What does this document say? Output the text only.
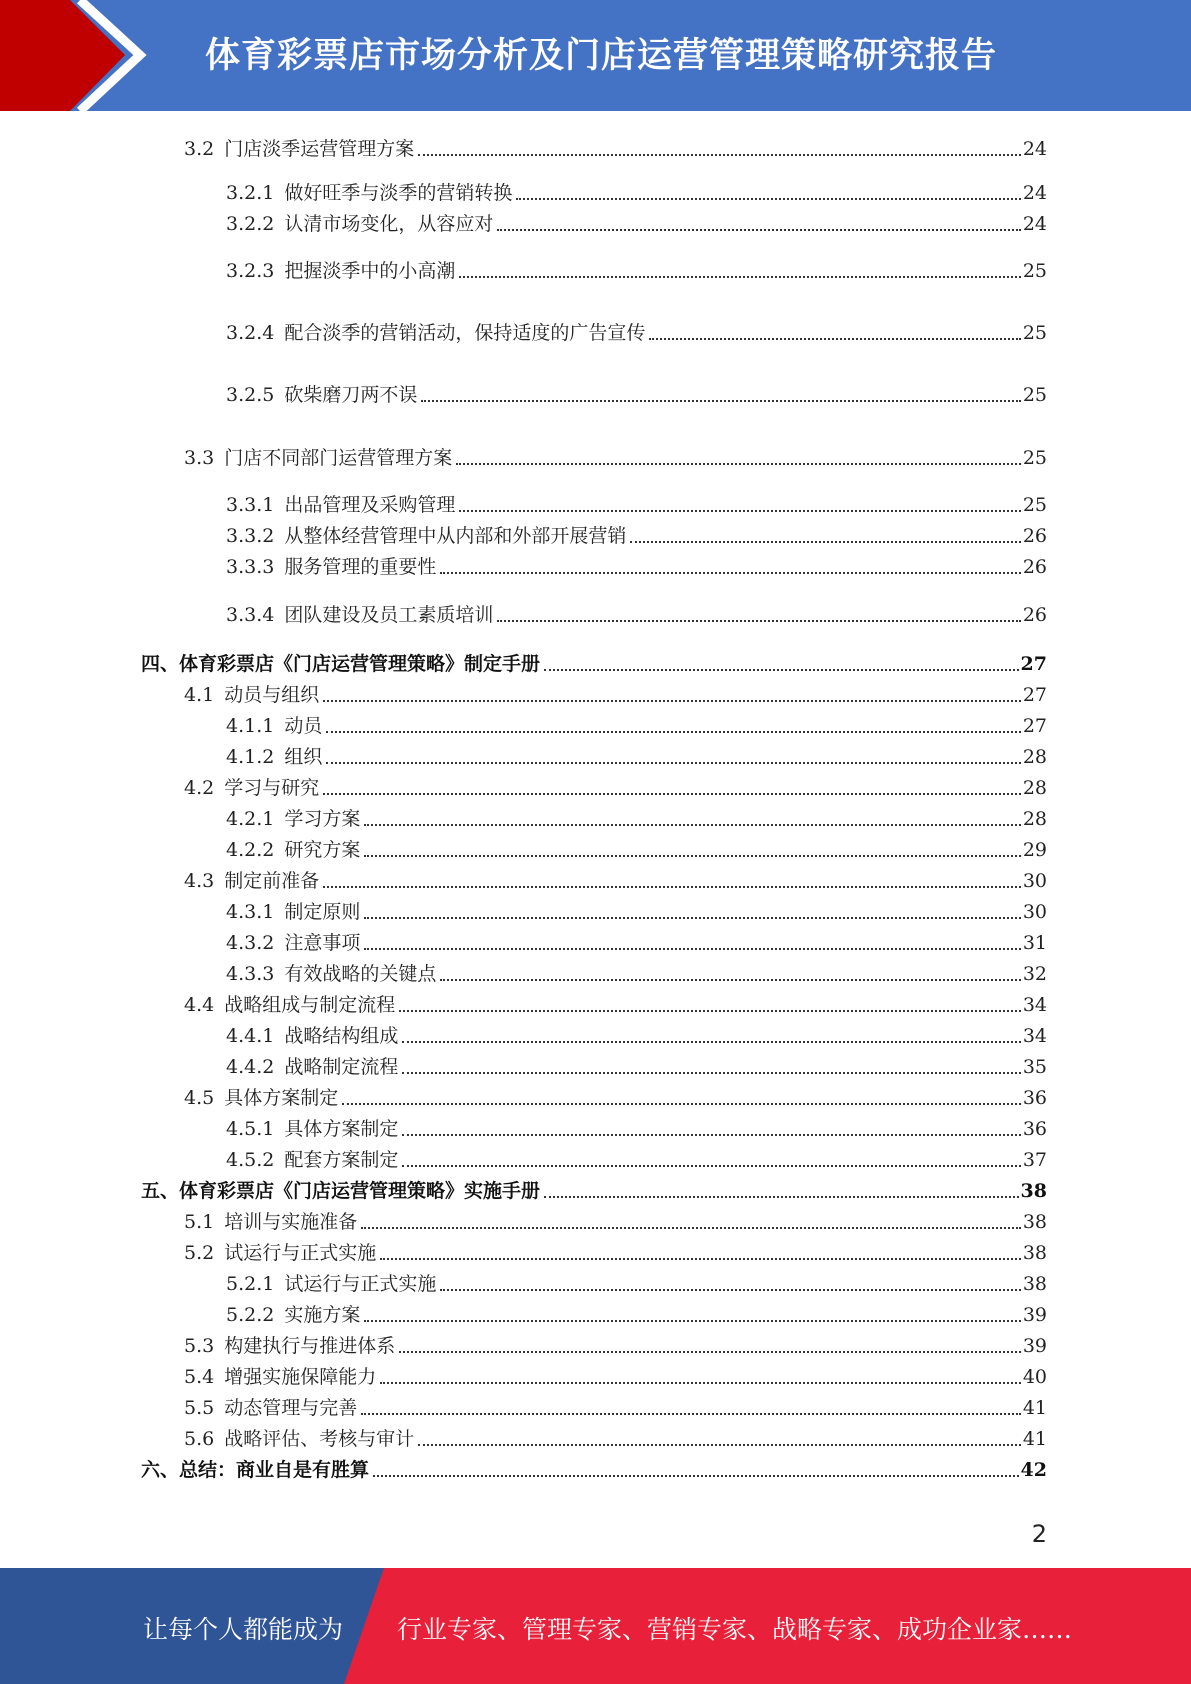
体育彩票店市场分析及门店运营管理策略研究报告
3.2 门店淡季运营管理方案	24
3.2.1 做好旺季与淡季的营销转换	24
3.2.2 认清市场变化，从容应对	24
3.2.3 把握淡季中的小高潮	25
3.2.4 配合淡季的营销活动，保持适度的广告宣传	25
3.2.5 砍柴磨刀两不误	25
3.3 门店不同部门运营管理方案	25
3.3.1 出品管理及采购管理	25
3.3.2 从整体经营管理中从内部和外部开展营销	26
3.3.3 服务管理的重要性	26
3.3.4 团队建设及员工素质培训	26
四、 体育彩票店《门店运营管理策略》制定手册	27
4.1 动员与组织	27
4.1.1 动员	27
4.1.2 组织	28
4.2 学习与研究	28
4.2.1 学习方案	28
4.2.2 研究方案	29
4.3 制定前准备	30
4.3.1 制定原则	30
4.3.2 注意事项	31
4.3.3 有效战略的关键点	32
4.4 战略组成与制定流程	34
4.4.1 战略结构组成	34
4.4.2 战略制定流程	35
4.5 具体方案制定	36
4.5.1 具体方案制定	36
4.5.2 配套方案制定	37
五、 体育彩票店《门店运营管理策略》实施手册	38
5.1 培训与实施准备	38
5.2 试运行与正式实施	38
5.2.1 试运行与正式实施	38
5.2.2 实施方案	39
5.3 构建执行与推进体系	39
5.4 增强实施保障能力	40
5.5 动态管理与完善	41
5.6 战略评估、考核与审计	41
六、 总结：商业自是有胜算	42
2
让每个人都能成为 行业专家、管理专家、营销专家、战略专家、成功企业家……
